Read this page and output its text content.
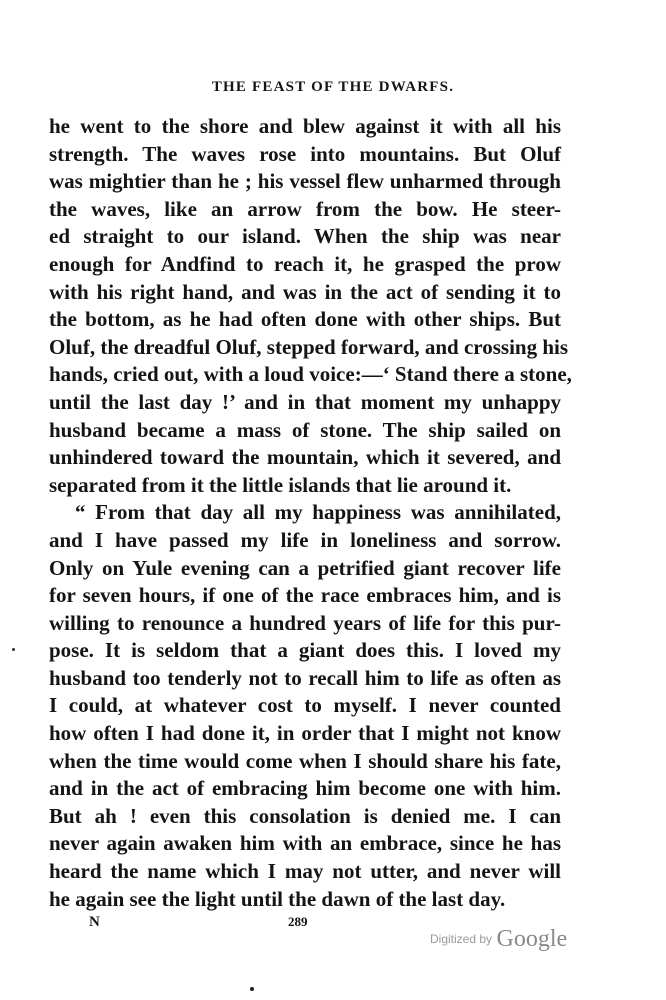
THE FEAST OF THE DWARFS.
he went to the shore and blew against it with all his
strength. The waves rose into mountains. But Oluf
was mightier than he ; his vessel flew unharmed through
the waves, like an arrow from the bow. He steer-
ed straight to our island. When the ship was near
enough for Andfind to reach it, he grasped the prow
with his right hand, and was in the act of sending it to
the bottom, as he had often done with other ships. But
Oluf, the dreadful Oluf, stepped forward, and crossing his
hands, cried out, with a loud voice:—‘ Stand there a stone,
until the last day !’ and in that moment my unhappy
husband became a mass of stone. The ship sailed on
unhindered toward the mountain, which it severed, and
separated from it the little islands that lie around it.
“ From that day all my happiness was annihilated,
and I have passed my life in loneliness and sorrow.
Only on Yule evening can a petrified giant recover life
for seven hours, if one of the race embraces him, and is
willing to renounce a hundred years of life for this pur-
pose. It is seldom that a giant does this. I loved my
husband too tenderly not to recall him to life as often as
I could, at whatever cost to myself. I never counted
how often I had done it, in order that I might not know
when the time would come when I should share his fate,
and in the act of embracing him become one with him.
But ah ! even this consolation is denied me. I can
never again awaken him with an embrace, since he has
heard the name which I may not utter, and never will
he again see the light until the dawn of the last day.
N	289
Digitized by Google
